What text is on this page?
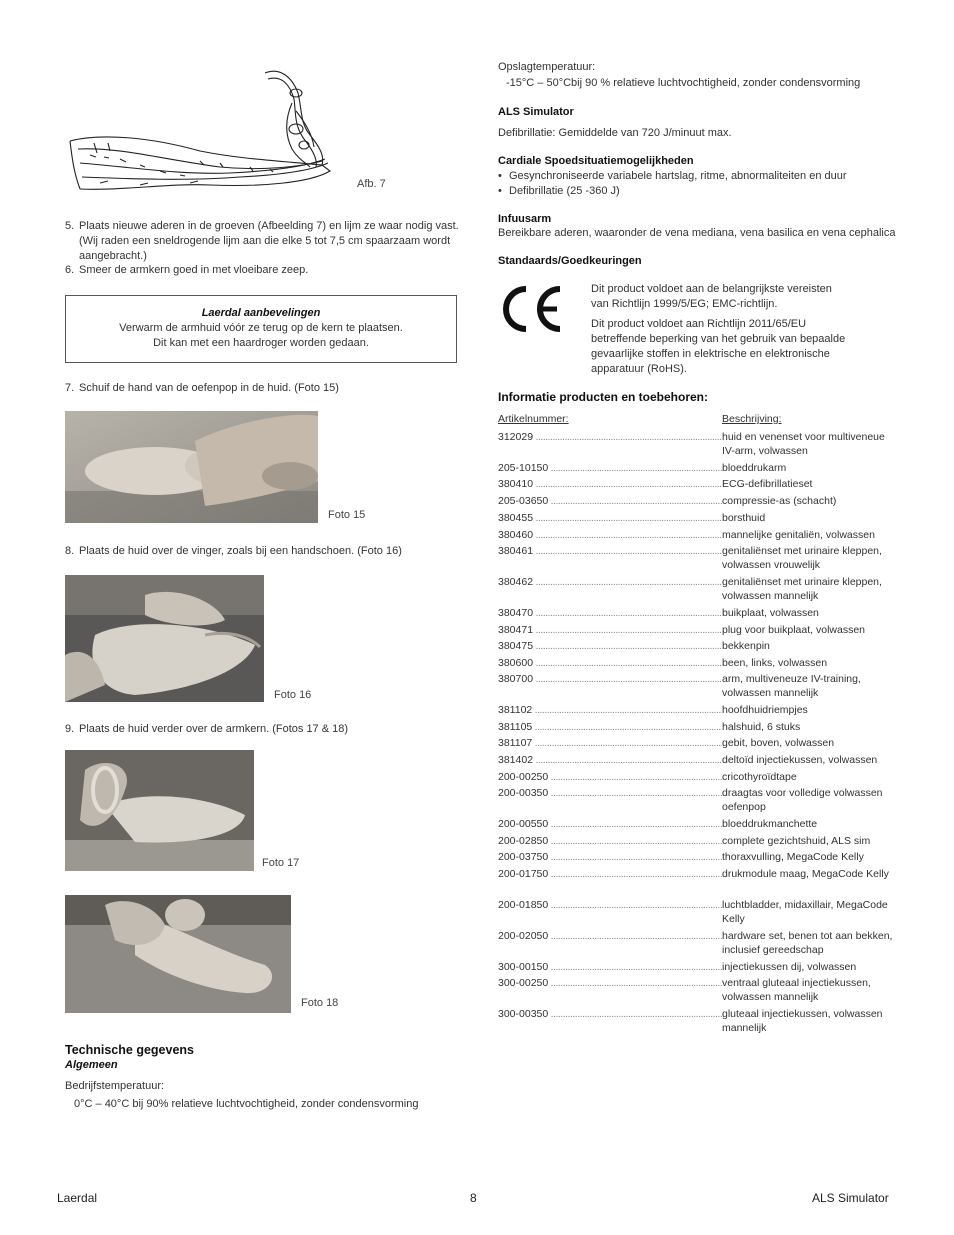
Afb. 7
5. Plaats nieuwe aderen in de groeven (Afbeelding 7) en lijm ze waar nodig vast. (Wij raden een sneldrogende lijm aan die elke 5 tot 7,5 cm spaarzaam wordt aangebracht.)
6. Smeer de armkern goed in met vloeibare zeep.
Laerdal aanbevelingen
Verwarm de armhuid vóór ze terug op de kern te plaatsen.
Dit kan met een haardroger worden gedaan.
7. Schuif de hand van de oefenpop in de huid. (Foto 15)
Foto 15
8. Plaats de huid over de vinger, zoals bij een handschoen. (Foto 16)
Foto 16
9. Plaats de huid verder over de armkern. (Fotos 17 & 18)
Foto 17
Foto 18
Technische gegevens
Algemeen
Bedrijfstemperatuur:
0°C – 40°C bij 90% relatieve luchtvochtigheid, zonder condensvorming
Opslagtemperatuur:
-15°C – 50°Cbij 90 % relatieve luchtvochtigheid, zonder condensvorming
ALS Simulator
Defibrillatie: Gemiddelde van 720 J/minuut max.
Cardiale Spoedsituatiemogelijkheden
• Gesynchroniseerde variabele hartslag, ritme, abnormaliteiten en duur
• Defibrillatie (25 -360 J)
Infuusarm
Bereikbare aderen, waaronder de vena mediana, vena basilica en vena cephalica
Standaards/Goedkeuringen
Dit product voldoet aan de belangrijkste vereisten van Richtlijn 1999/5/EG; EMC-richtlijn.
Dit product voldoet aan Richtlijn 2011/65/EU betreffende beperking van het gebruik van bepaalde gevaarlijke stoffen in elektrische en elektronische apparatuur (RoHS).
Informatie producten en toebehoren:
Artikelnummer:	Beschrijving:
312029 .....	huid en venenset voor multiveneue IV-arm, volwassen
205-10150 .....	bloeddrukarm
380410 .....	ECG-defibrillatieset
205-03650 .....	compressie-as (schacht)
380455 .....	borsthuid
380460 .....	mannelijke genitaliën, volwassen
380461 .....	genitaliënset met urinaire kleppen, volwassen vrouwelijk
380462 .....	genitaliënset met urinaire kleppen, volwassen mannelijk
380470 .....	buikplaat, volwassen
380471 .....	plug voor buikplaat, volwassen
380475 .....	bekkenpin
380600 .....	been, links, volwassen
380700 .....	arm, multiveneuze IV-training, volwassen mannelijk
381102 .....	hoofdhuidriempjes
381105 .....	halshuid, 6 stuks
381107 .....	gebit, boven, volwassen
381402 .....	deltoïd injectiekussen, volwassen
200-00250 .....	cricothyroïdtape
200-00350 .....	draagtas voor volledige volwassen oefenpop
200-00550 .....	bloeddrukmanchette
200-02850 .....	complete gezichtshuid, ALS sim
200-03750 .....	thoraxvulling, MegaCode Kelly
200-01750 .....	drukmodule maag, MegaCode Kelly
200-01850 .....	luchtbladder, midaxillair, MegaCode Kelly
200-02050 .....	hardware set, benen tot aan bekken, inclusief gereedschap
300-00150 .....	injectiekussen dij, volwassen
300-00250 .....	ventraal gluteaal injectiekussen, volwassen mannelijk
300-00350 .....	gluteaal injectiekussen, volwassen mannelijk
Laerdal	8	ALS Simulator
